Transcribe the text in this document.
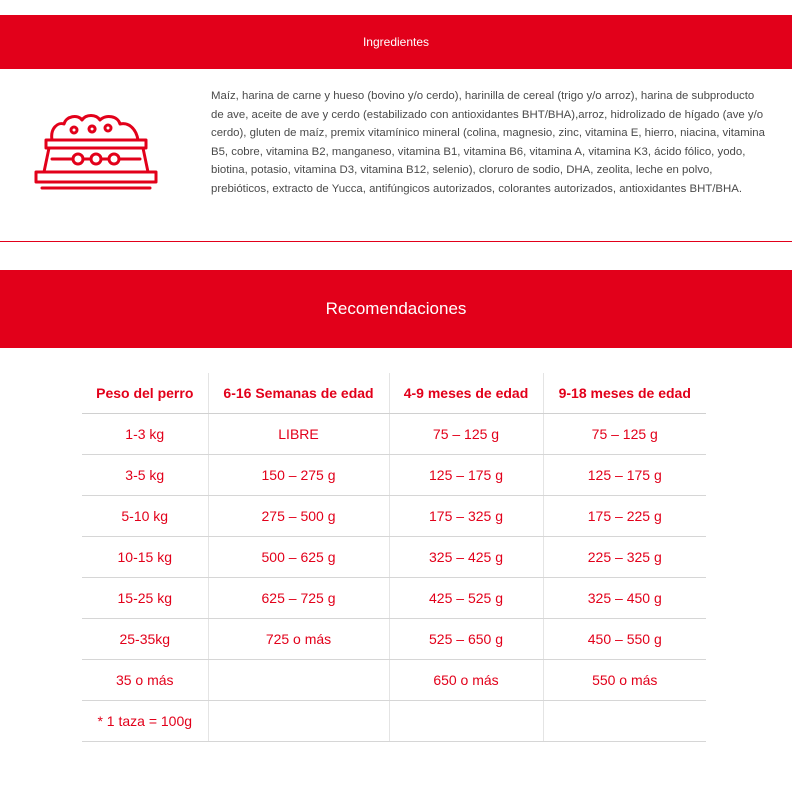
Ingredientes
Maíz, harina de carne y hueso (bovino y/o cerdo), harinilla de cereal (trigo y/o arroz), harina de subproducto de ave, aceite de ave y cerdo (estabilizado con antioxidantes BHT/BHA),arroz, hidrolizado de hígado (ave y/o cerdo), gluten de maíz, premix vitamínico mineral (colina, magnesio, zinc, vitamina E, hierro, niacina, vitamina B5, cobre, vitamina B2, manganeso, vitamina B1, vitamina B6, vitamina A, vitamina K3, ácido fólico, yodo, biotina, potasio, vitamina D3, vitamina B12, selenio), cloruro de sodio, DHA, zeolita, leche en polvo, prebióticos, extracto de Yucca, antifúngicos autorizados, colorantes autorizados, antioxidantes BHT/BHA.
Recomendaciones
Peso del perro	6-16 Semanas de edad	4-9 meses de edad	9-18 meses de edad
1-3 kg	LIBRE	75 – 125 g	75 – 125 g
3-5 kg	150 – 275 g	125 – 175 g	125 – 175 g
5-10 kg	275 – 500 g	175 – 325 g	175 – 225 g
10-15 kg	500 – 625 g	325 – 425 g	225 – 325 g
15-25 kg	625 – 725 g	425 – 525 g	325 – 450 g
25-35kg	725 o más	525 – 650 g	450 – 550 g
35 o más		650 o más	550 o más
* 1 taza = 100g			
